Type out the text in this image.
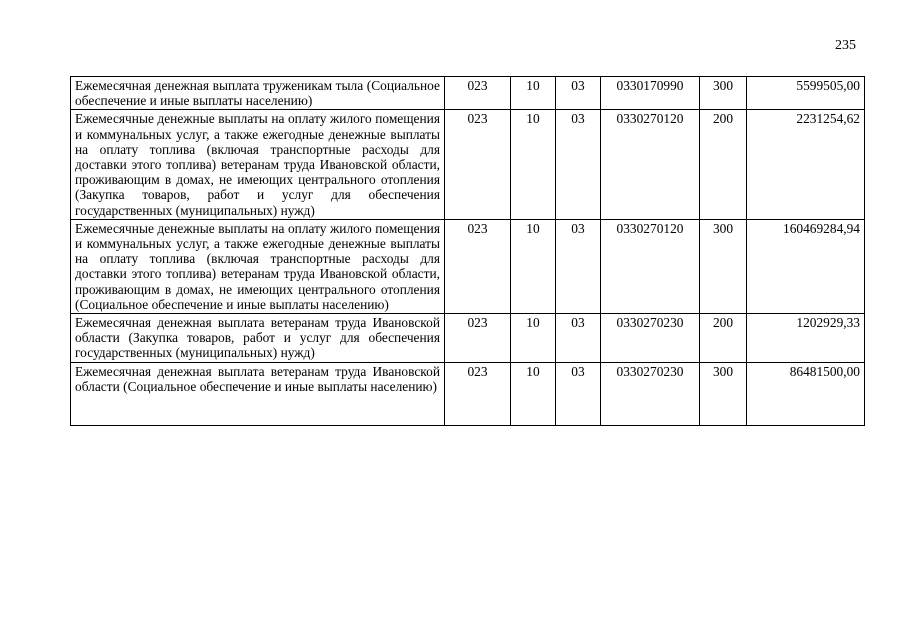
235
Ежемесячная денежная выплата труженикам тыла (Социальное обеспечение и иные выплаты населению)	023	10	03	0330170990	300	5599505,00
Ежемесячные денежные выплаты на оплату жилого помещения и коммунальных услуг, а также ежегодные денежные выплаты на оплату топлива (включая транспортные расходы для доставки этого топлива) ветеранам труда Ивановской области, проживающим в домах, не имеющих центрального отопления (Закупка товаров, работ и услуг для обеспечения государственных (муниципальных) нужд)	023	10	03	0330270120	200	2231254,62
Ежемесячные денежные выплаты на оплату жилого помещения и коммунальных услуг, а также ежегодные денежные выплаты на оплату топлива (включая транспортные расходы для доставки этого топлива) ветеранам труда Ивановской области, проживающим в домах, не имеющих центрального отопления (Социальное обеспечение и иные выплаты населению)	023	10	03	0330270120	300	160469284,94
Ежемесячная денежная выплата ветеранам труда Ивановской области (Закупка товаров, работ и услуг для обеспечения государственных (муниципальных) нужд)	023	10	03	0330270230	200	1202929,33
Ежемесячная денежная выплата ветеранам труда Ивановской области (Социальное обеспечение и иные выплаты населению)	023	10	03	0330270230	300	86481500,00
